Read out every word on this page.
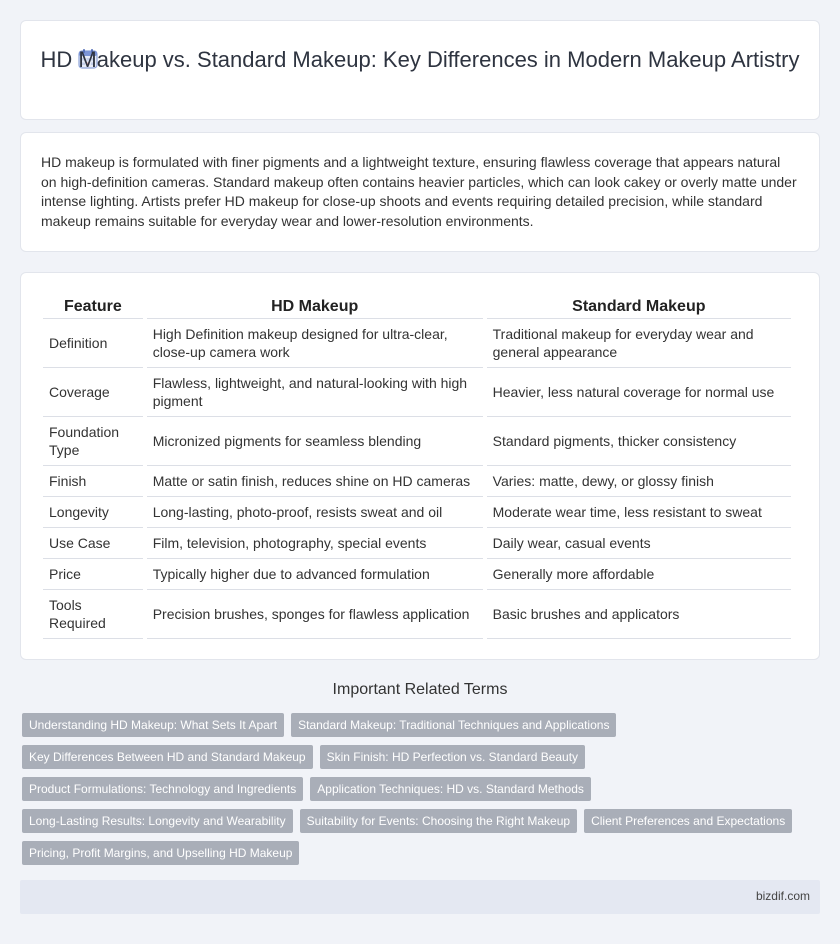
HD Makeup vs. Standard Makeup: Key Differences in Modern Makeup Artistry

HD makeup is formulated with finer pigments and a lightweight texture, ensuring flawless coverage that appears natural on high-definition cameras. Standard makeup often contains heavier particles, which can look cakey or overly matte under intense lighting. Artists prefer HD makeup for close-up shoots and events requiring detailed precision, while standard makeup remains suitable for everyday wear and lower-resolution environments.

Feature	HD Makeup	Standard Makeup
Definition	High Definition makeup designed for ultra-clear, close-up camera work	Traditional makeup for everyday wear and general appearance
Coverage	Flawless, lightweight, and natural-looking with high pigment	Heavier, less natural coverage for normal use
Foundation Type	Micronized pigments for seamless blending	Standard pigments, thicker consistency
Finish	Matte or satin finish, reduces shine on HD cameras	Varies: matte, dewy, or glossy finish
Longevity	Long-lasting, photo-proof, resists sweat and oil	Moderate wear time, less resistant to sweat
Use Case	Film, television, photography, special events	Daily wear, casual events
Price	Typically higher due to advanced formulation	Generally more affordable
Tools Required	Precision brushes, sponges for flawless application	Basic brushes and applicators
Important Related Terms
Understanding HD Makeup: What Sets It Apart	Standard Makeup: Traditional Techniques and Applications
Key Differences Between HD and Standard Makeup	Skin Finish: HD Perfection vs. Standard Beauty
Product Formulations: Technology and Ingredients	Application Techniques: HD vs. Standard Methods
Long-Lasting Results: Longevity and Wearability	Suitability for Events: Choosing the Right Makeup	Client Preferences and Expectations
Pricing, Profit Margins, and Upselling HD Makeup
bizdif.com
